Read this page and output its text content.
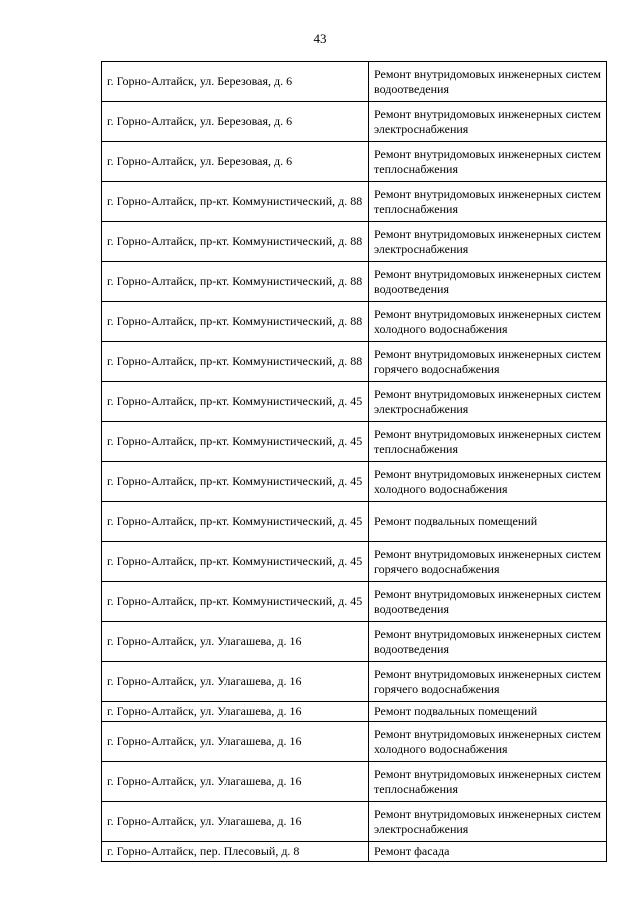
43
г. Горно-Алтайск, ул. Березовая, д. 6	Ремонт внутридомовых инженерных систем водоотведения
г. Горно-Алтайск, ул. Березовая, д. 6	Ремонт внутридомовых инженерных систем электроснабжения
г. Горно-Алтайск, ул. Березовая, д. 6	Ремонт внутридомовых инженерных систем теплоснабжения
г. Горно-Алтайск, пр-кт. Коммунистический, д. 88	Ремонт внутридомовых инженерных систем теплоснабжения
г. Горно-Алтайск, пр-кт. Коммунистический, д. 88	Ремонт внутридомовых инженерных систем электроснабжения
г. Горно-Алтайск, пр-кт. Коммунистический, д. 88	Ремонт внутридомовых инженерных систем водоотведения
г. Горно-Алтайск, пр-кт. Коммунистический, д. 88	Ремонт внутридомовых инженерных систем холодного водоснабжения
г. Горно-Алтайск, пр-кт. Коммунистический, д. 88	Ремонт внутридомовых инженерных систем горячего водоснабжения
г. Горно-Алтайск, пр-кт. Коммунистический, д. 45	Ремонт внутридомовых инженерных систем электроснабжения
г. Горно-Алтайск, пр-кт. Коммунистический, д. 45	Ремонт внутридомовых инженерных систем теплоснабжения
г. Горно-Алтайск, пр-кт. Коммунистический, д. 45	Ремонт внутридомовых инженерных систем холодного водоснабжения
г. Горно-Алтайск, пр-кт. Коммунистический, д. 45	Ремонт подвальных помещений
г. Горно-Алтайск, пр-кт. Коммунистический, д. 45	Ремонт внутридомовых инженерных систем горячего водоснабжения
г. Горно-Алтайск, пр-кт. Коммунистический, д. 45	Ремонт внутридомовых инженерных систем водоотведения
г. Горно-Алтайск, ул. Улагашева, д. 16	Ремонт внутридомовых инженерных систем водоотведения
г. Горно-Алтайск, ул. Улагашева, д. 16	Ремонт внутридомовых инженерных систем горячего водоснабжения
г. Горно-Алтайск, ул. Улагашева, д. 16	Ремонт подвальных помещений
г. Горно-Алтайск, ул. Улагашева, д. 16	Ремонт внутридомовых инженерных систем холодного водоснабжения
г. Горно-Алтайск, ул. Улагашева, д. 16	Ремонт внутридомовых инженерных систем теплоснабжения
г. Горно-Алтайск, ул. Улагашева, д. 16	Ремонт внутридомовых инженерных систем электроснабжения
г. Горно-Алтайск, пер. Плесовый, д. 8	Ремонт фасада
